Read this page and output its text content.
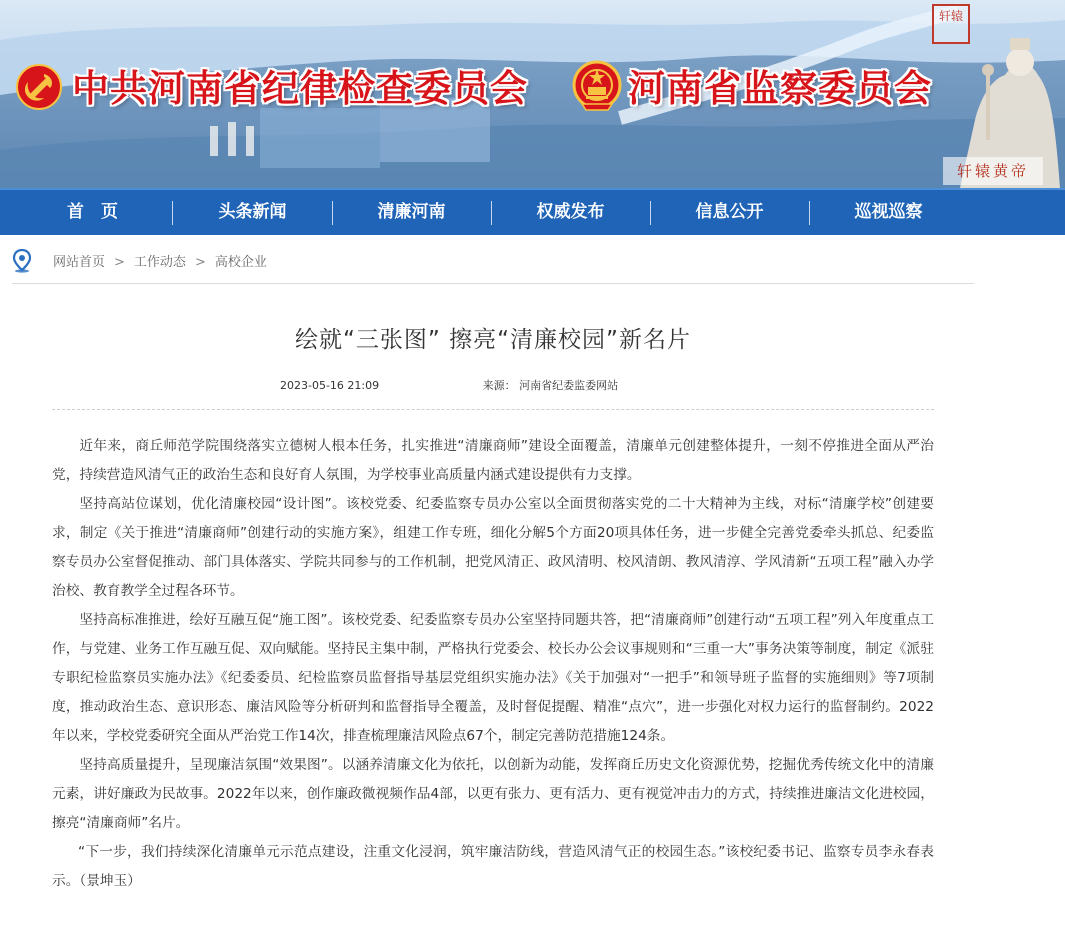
中共河南省纪律检查委员会	河南省监察委员会
轩辕
轩辕黄帝
首　页	头条新闻	清廉河南	权威发布	信息公开	巡视巡察
网站首页 > 工作动态 > 高校企业
绘就“三张图” 擦亮“清廉校园”新名片
2023-05-16 21:09	来源： 河南省纪委监委网站

近年来，商丘师范学院围绕落实立德树人根本任务，扎实推进“清廉商师”建设全面覆盖，清廉单元创建整体提升，一刻不停推进全面从严治党，持续营造风清气正的政治生态和良好育人氛围，为学校事业高质量内涵式建设提供有力支撑。

坚持高站位谋划，优化清廉校园“设计图”。该校党委、纪委监察专员办公室以全面贯彻落实党的二十大精神为主线，对标“清廉学校”创建要求，制定《关于推进“清廉商师”创建行动的实施方案》，组建工作专班，细化分解5个方面20项具体任务，进一步健全完善党委牵头抓总、纪委监察专员办公室督促推动、部门具体落实、学院共同参与的工作机制，把党风清正、政风清明、校风清朗、教风清淳、学风清新“五项工程”融入办学治校、教育教学全过程各环节。

坚持高标准推进，绘好互融互促“施工图”。该校党委、纪委监察专员办公室坚持同题共答，把“清廉商师”创建行动“五项工程”列入年度重点工作，与党建、业务工作互融互促、双向赋能。坚持民主集中制，严格执行党委会、校长办公会议事规则和“三重一大”事务决策等制度，制定《派驻专职纪检监察员实施办法》《纪委委员、纪检监察员监督指导基层党组织实施办法》《关于加强对“一把手”和领导班子监督的实施细则》等7项制度，推动政治生态、意识形态、廉洁风险等分析研判和监督指导全覆盖，及时督促提醒、精准“点穴”，进一步强化对权力运行的监督制约。2022年以来，学校党委研究全面从严治党工作14次，排查梳理廉洁风险点67个，制定完善防范措施124条。

坚持高质量提升，呈现廉洁氛围“效果图”。以涵养清廉文化为依托，以创新为动能，发挥商丘历史文化资源优势，挖掘优秀传统文化中的清廉元素，讲好廉政为民故事。2022年以来，创作廉政微视频作品4部，以更有张力、更有活力、更有视觉冲击力的方式，持续推进廉洁文化进校园，擦亮“清廉商师”名片。

“下一步，我们持续深化清廉单元示范点建设，注重文化浸润，筑牢廉洁防线，营造风清气正的校园生态。”该校纪委书记、监察专员李永春表示。（景坤玉）
